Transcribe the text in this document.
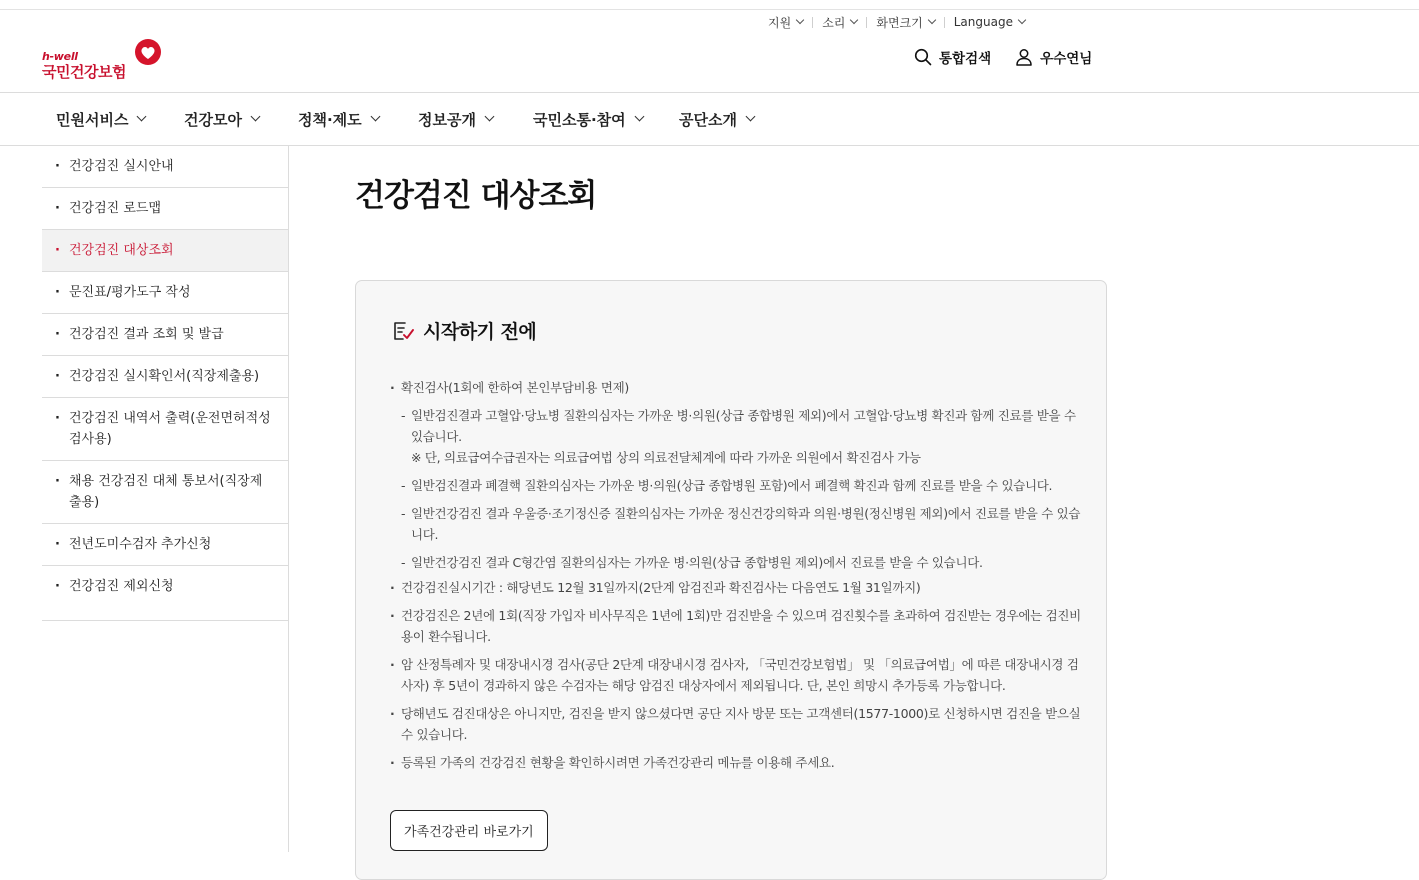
지원	소리	화면크기	Language
h-well
국민건강보험
통합검색	우수연님
민원서비스	건강모아	정책·제도	정보공개	국민소통·참여	공단소개
· 건강검진 실시안내
· 건강검진 로드맵
· 건강검진 대상조회
· 문진표/평가도구 작성
· 건강검진 결과 조회 및 발급
· 건강검진 실시확인서(직장제출용)
· 건강검진 내역서 출력(운전면허적성검사용)
· 채용 건강검진 대체 통보서(직장제출용)
· 전년도미수검자 추가신청
· 건강검진 제외신청
건강검진 대상조회
시작하기 전에
· 확진검사(1회에 한하여 본인부담비용 면제)
- 일반검진결과 고혈압·당뇨병 질환의심자는 가까운 병·의원(상급 종합병원 제외)에서 고혈압·당뇨병 확진과 함께 진료를 받을 수 있습니다.
※ 단, 의료급여수급권자는 의료급여법 상의 의료전달체계에 따라 가까운 의원에서 확진검사 가능
- 일반검진결과 폐결핵 질환의심자는 가까운 병·의원(상급 종합병원 포함)에서 폐결핵 확진과 함께 진료를 받을 수 있습니다.
- 일반건강검진 결과 우울증·조기정신증 질환의심자는 가까운 정신건강의학과 의원·병원(정신병원 제외)에서 진료를 받을 수 있습니다.
- 일반건강검진 결과 C형간염 질환의심자는 가까운 병·의원(상급 종합병원 제외)에서 진료를 받을 수 있습니다.
· 건강검진실시기간 : 해당년도 12월 31일까지(2단계 암검진과 확진검사는 다음연도 1월 31일까지)
· 건강검진은 2년에 1회(직장 가입자 비사무직은 1년에 1회)만 검진받을 수 있으며 검진횟수를 초과하여 검진받는 경우에는 검진비용이 환수됩니다.
· 암 산정특례자 및 대장내시경 검사(공단 2단계 대장내시경 검사자, 「국민건강보험법」 및 「의료급여법」에 따른 대장내시경 검사자) 후 5년이 경과하지 않은 수검자는 해당 암검진 대상자에서 제외됩니다. 단, 본인 희망시 추가등록 가능합니다.
· 당해년도 검진대상은 아니지만, 검진을 받지 않으셨다면 공단 지사 방문 또는 고객센터(1577-1000)로 신청하시면 검진을 받으실 수 있습니다.
· 등록된 가족의 건강검진 현황을 확인하시려면 가족건강관리 메뉴를 이용해 주세요.
가족건강관리 바로가기
